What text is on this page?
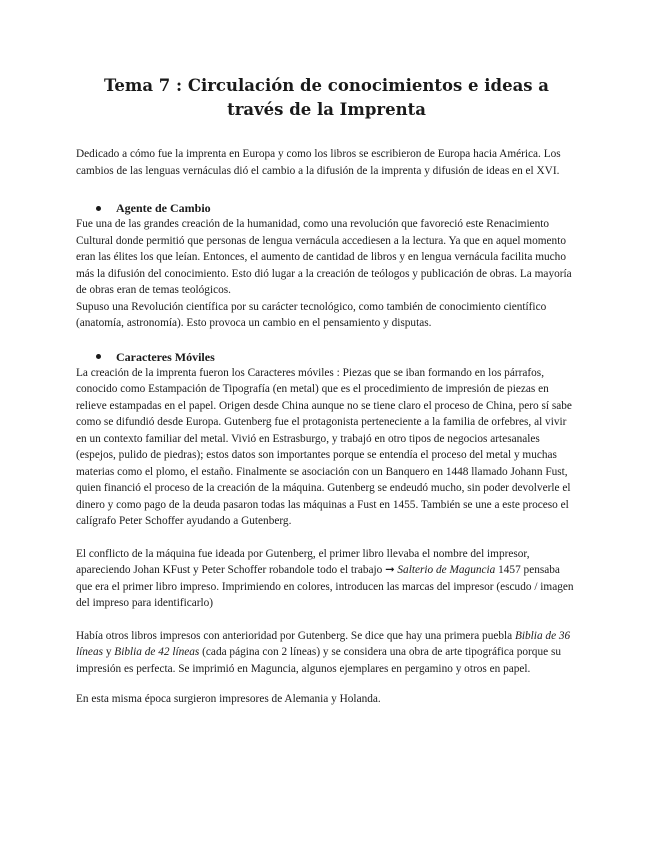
Tema 7 : Circulación de conocimientos e ideas a través de la Imprenta

Dedicado a cómo fue la imprenta en Europa y como los libros se escribieron de Europa hacia América. Los cambios de las lenguas vernáculas dió el cambio a la difusión de la imprenta y difusión de ideas en el XVI.

Agente de Cambio

Fue una de las grandes creación de la humanidad, como una revolución que favoreció este Renacimiento Cultural donde permitió que personas de lengua vernácula accediesen a la lectura. Ya que en aquel momento eran las élites los que leían. Entonces, el aumento de cantidad de libros y en lengua vernácula facilita mucho más la difusión del conocimiento. Esto dió lugar a la creación de teólogos y publicación de obras. La mayoría de obras eran de temas teológicos.

Supuso una Revolución científica por su carácter tecnológico, como también de conocimiento científico (anatomía, astronomía). Esto provoca un cambio en el pensamiento y disputas.

Caracteres Móviles

La creación de la imprenta fueron los Caracteres móviles : Piezas que se iban formando en los párrafos, conocido como Estampación de Tipografía (en metal) que es el procedimiento de impresión de piezas en relieve estampadas en el papel. Origen desde China aunque no se tiene claro el proceso de China, pero sí sabe como se difundió desde Europa. Gutenberg fue el protagonista perteneciente a la familia de orfebres, al vivir en un contexto familiar del metal. Vivió en Estrasburgo, y trabajó en otro tipos de negocios artesanales (espejos, pulido de piedras); estos datos son importantes porque se entendía el proceso del metal y muchas materias como el plomo, el estaño. Finalmente se asociación con un Banquero en 1448 llamado Johann Fust, quien financió el proceso de la creación de la máquina. Gutenberg se endeudó mucho, sin poder devolverle el dinero y como pago de la deuda pasaron todas las máquinas a Fust en 1455. También se une a este proceso el calígrafo Peter Schoffer ayudando a Gutenberg.

El conflicto de la máquina fue ideada por Gutenberg, el primer libro llevaba el nombre del impresor, apareciendo Johan KFust y Peter Schoffer robandole todo el trabajo ➞ Salterio de Maguncia 1457 pensaba que era el primer libro impreso. Imprimiendo en colores, introducen las marcas del impresor (escudo / imagen del impreso para identificarlo)

Había otros libros impresos con anterioridad por Gutenberg. Se dice que hay una primera puebla Biblia de 36 líneas y Biblia de 42 líneas (cada página con 2 líneas) y se considera una obra de arte tipográfica porque su impresión es perfecta. Se imprimió en Maguncia, algunos ejemplares en pergamino y otros en papel.

En esta misma época surgieron impresores de Alemania y Holanda.
